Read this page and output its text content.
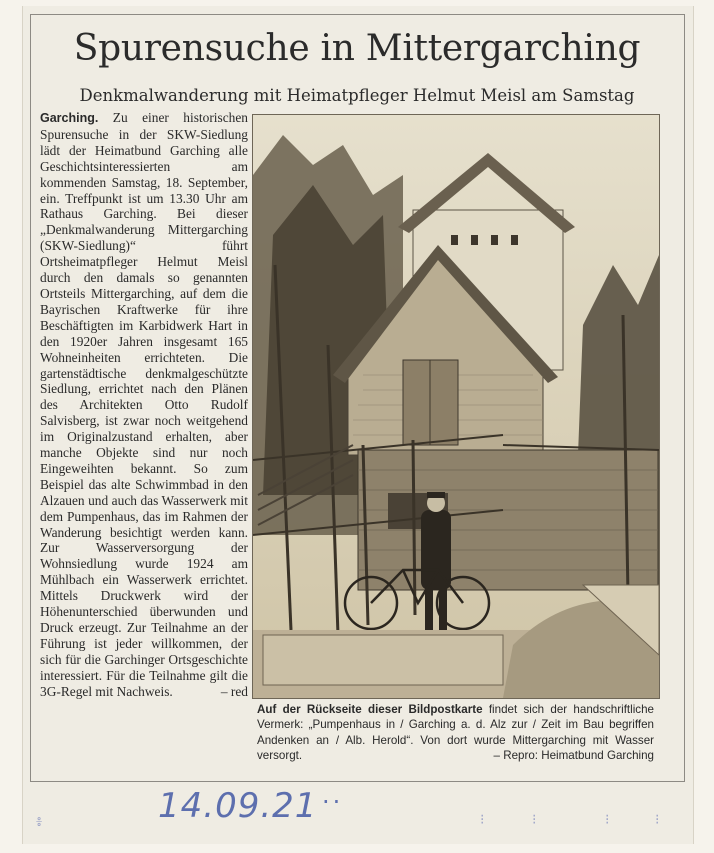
Spurensuche in Mittergarching
Denkmalwanderung mit Heimatpfleger Helmut Meisl am Samstag
Garching. Zu einer historischen Spurensuche in der SKW-Siedlung lädt der Heimatbund Garching alle Geschichtsinteressierten am kommenden Samstag, 18. September, ein. Treffpunkt ist um 13.30 Uhr am Rathaus Garching. Bei dieser „Denkmalwanderung Mittergarching (SKW-Siedlung)“ führt Ortsheimatpfleger Helmut Meisl durch den damals so genannten Ortsteils Mittergarching, auf dem die Bayrischen Kraftwerke für ihre Beschäftigten im Karbidwerk Hart in den 1920er Jahren insgesamt 165 Wohneinheiten errichteten. Die gartenstädtische denkmalgeschützte Siedlung, errichtet nach den Plänen des Architekten Otto Rudolf Salvisberg, ist zwar noch weitgehend im Originalzustand erhalten, aber manche Objekte sind nur noch Eingeweihten bekannt. So zum Beispiel das alte Schwimmbad in den Alzauen und auch das Wasserwerk mit dem Pumpenhaus, das im Rahmen der Wanderung besichtigt werden kann. Zur Wasserversorgung der Wohnsiedlung wurde 1924 am Mühlbach ein Wasserwerk errichtet. Mittels Druckwerk wird der Höhenunterschied überwunden und Druck erzeugt. Zur Teilnahme an der Führung ist jeder willkommen, der sich für die Garchinger Ortsgeschichte interessiert. Für die Teilnahme gilt die 3G-Regel mit Nachweis.	– red
Auf der Rückseite dieser Bildpostkarte findet sich der handschriftliche Vermerk: „Pumpenhaus in / Garching a. d. Alz zur / Zeit im Bau begriffen Andenken an / Alb. Herold“. Von dort wurde Mittergarching mit Wasser versorgt.	– Repro: Heimatbund Garching
14.09.21 ··
៖	⁝	⁝	⁝	⁝
